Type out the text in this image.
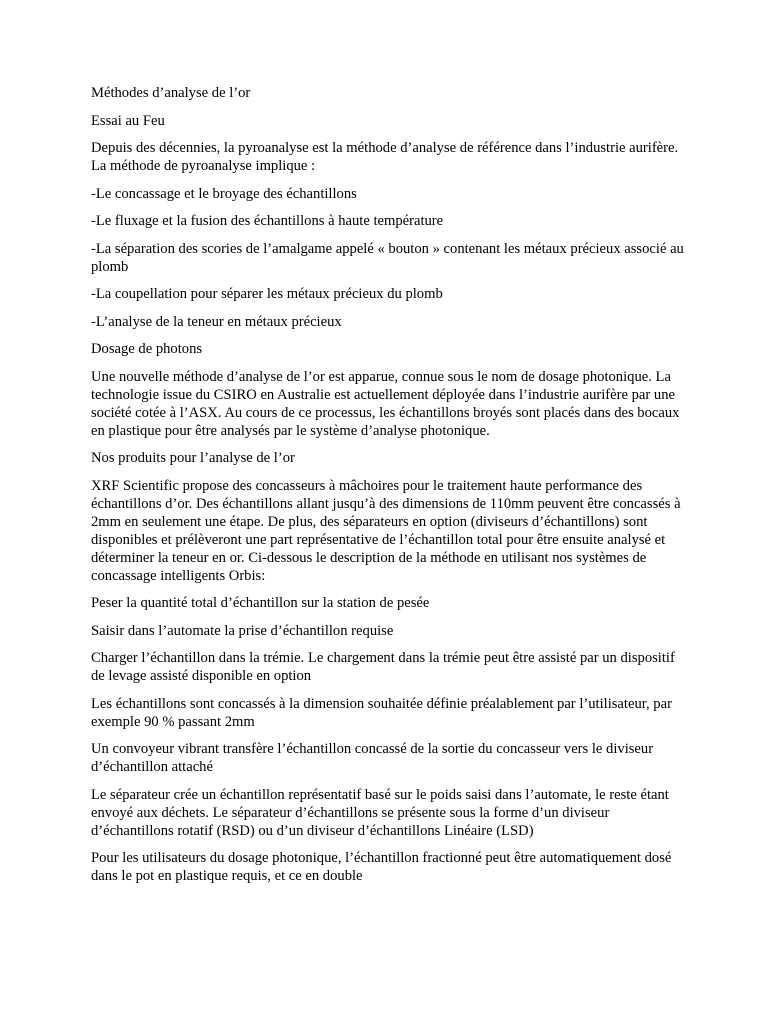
Méthodes d’analyse de l’or

Essai au Feu

Depuis des décennies, la pyroanalyse est la méthode d’analyse de référence dans l’industrie aurifère. La méthode de pyroanalyse implique :

-Le concassage et le broyage des échantillons

-Le fluxage et la fusion des échantillons à haute température

-La séparation des scories de l’amalgame appelé « bouton » contenant les métaux précieux associé au plomb

-La coupellation pour séparer les métaux précieux du plomb

-L’analyse de la teneur en métaux précieux

Dosage de photons

Une nouvelle méthode d’analyse de l’or est apparue, connue sous le nom de dosage photonique. La technologie issue du CSIRO en Australie est actuellement déployée dans l’industrie aurifère par une société cotée à l’ASX. Au cours de ce processus, les échantillons broyés sont placés dans des bocaux en plastique pour être analysés par le système d’analyse photonique.

Nos produits pour l’analyse de l’or

XRF Scientific propose des concasseurs à mâchoires pour le traitement haute performance des échantillons d’or. Des échantillons allant jusqu’à des dimensions de 110mm peuvent être concassés à 2mm en seulement une étape. De plus, des séparateurs en option (diviseurs d’échantillons) sont disponibles et prélèveront une part représentative de l’échantillon total pour être ensuite analysé et déterminer la teneur en or. Ci-dessous le description de la méthode en utilisant nos systèmes de concassage intelligents Orbis:

Peser la quantité total d’échantillon sur la station de pesée

Saisir dans l’automate la prise d’échantillon requise

Charger l’échantillon dans la trémie. Le chargement dans la trémie peut être assisté par un dispositif de levage assisté disponible en option

Les échantillons sont concassés à la dimension souhaitée définie préalablement par l’utilisateur, par exemple 90 % passant 2mm

Un convoyeur vibrant transfère l’échantillon concassé de la sortie du concasseur vers le diviseur d’échantillon attaché

Le séparateur crée un échantillon représentatif basé sur le poids saisi dans l’automate, le reste étant envoyé aux déchets. Le séparateur d’échantillons se présente sous la forme d’un diviseur d’échantillons rotatif (RSD) ou d’un diviseur d’échantillons Linéaire (LSD)

Pour les utilisateurs du dosage photonique, l’échantillon fractionné peut être automatiquement dosé dans le pot en plastique requis, et ce en double
